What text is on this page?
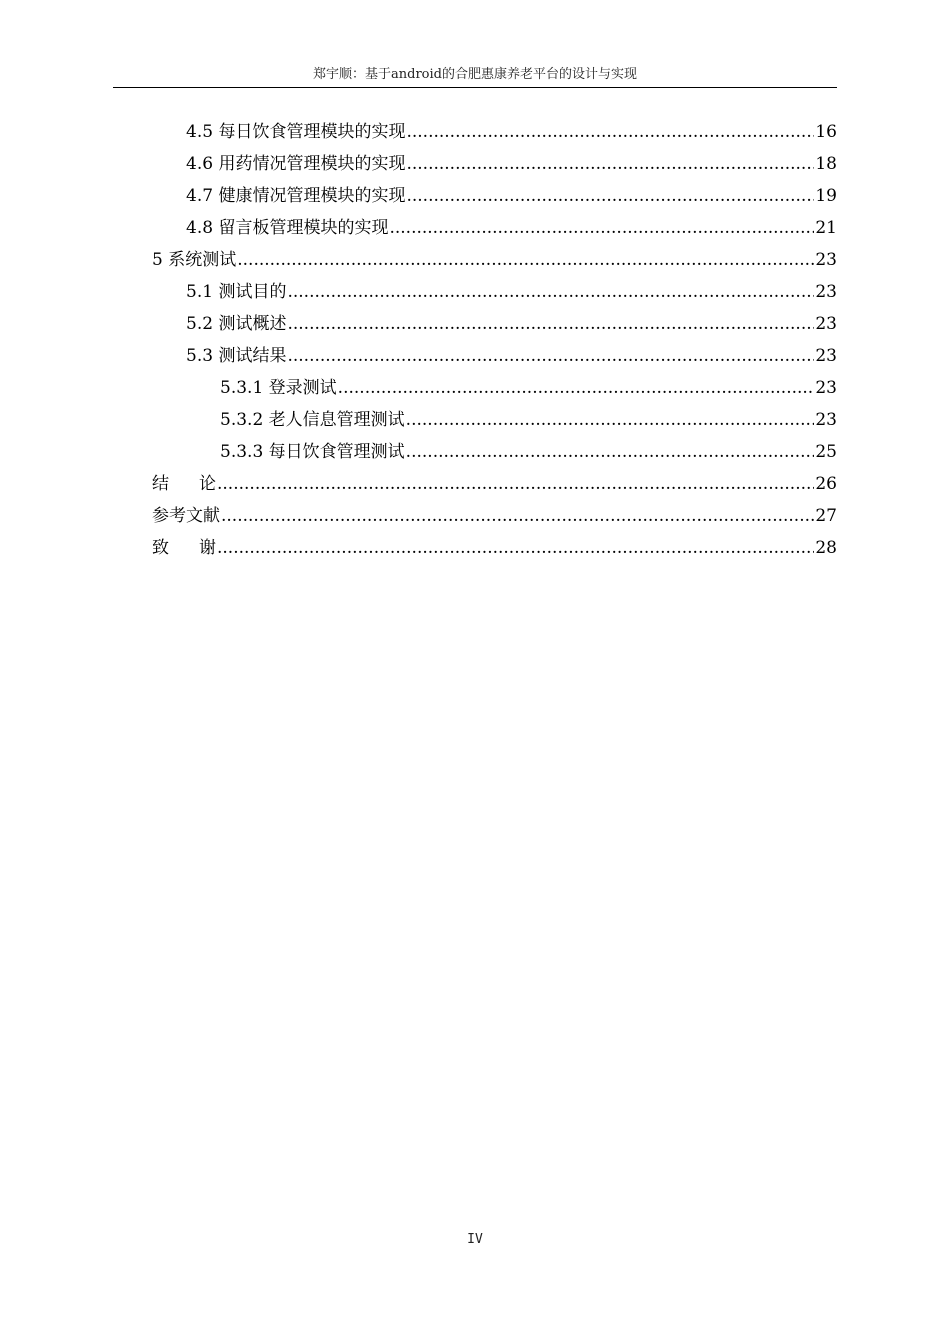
郑宇顺：基于android的合肥惠康养老平台的设计与实现
4.5 每日饮食管理模块的实现 .....	16
4.6 用药情况管理模块的实现 .....	18
4.7 健康情况管理模块的实现 .....	19
4.8 留言板管理模块的实现 .....	21
5 系统测试 .....	23
5.1 测试目的 .....	23
5.2 测试概述 .....	23
5.3 测试结果 .....	23
5.3.1 登录测试 .....	23
5.3.2 老人信息管理测试 .....	23
5.3.3 每日饮食管理测试 .....	25
结论 .....	26
参考文献 .....	27
致谢 .....	28
IV
